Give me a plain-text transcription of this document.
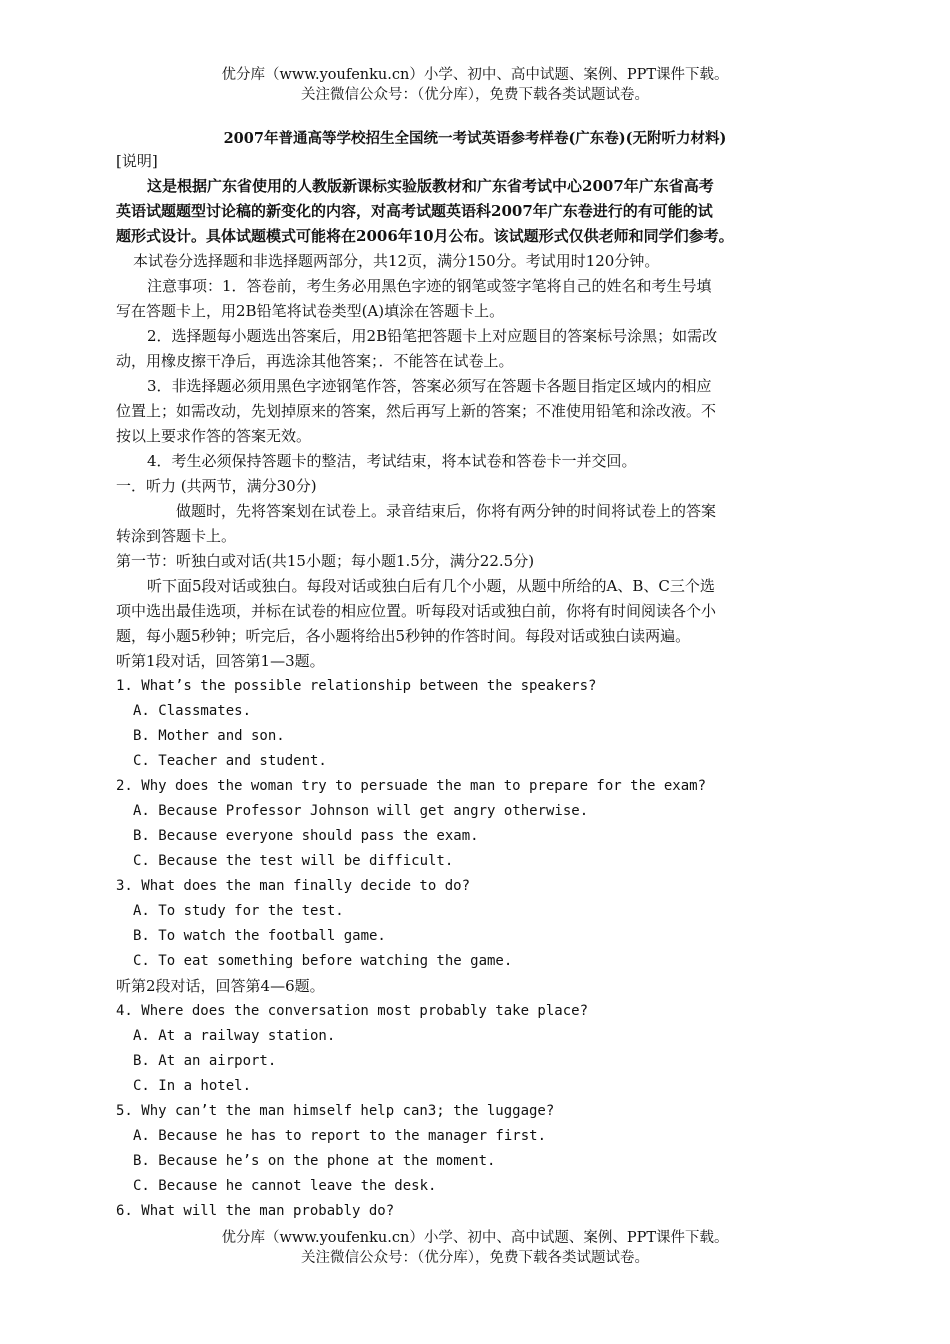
优分库（www.youfenku.cn）小学、初中、高中试题、案例、PPT课件下载。
关注微信公众号：（优分库），免费下载各类试题试卷。
2007年普通高等学校招生全国统一考试英语参考样卷(广东卷)(无附听力材料)
[说明]
这是根据广东省使用的人教版新课标实验版教材和广东省考试中心2007年广东省高考
英语试题题型讨论稿的新变化的内容，对高考试题英语科2007年广东卷进行的有可能的试
题形式设计。具体试题模式可能将在2006年10月公布。该试题形式仅供老师和同学们参考。
本试卷分选择题和非选择题两部分，共12页，满分150分。考试用时120分钟。
注意事项：1．答卷前，考生务必用黑色字迹的钢笔或签字笔将自己的姓名和考生号填
写在答题卡上，用2B铅笔将试卷类型(A)填涂在答题卡上。
2．选择题每小题选出答案后，用2B铅笔把答题卡上对应题目的答案标号涂黑；如需改
动，用橡皮擦干净后，再选涂其他答案；．不能答在试卷上。
3．非选择题必须用黑色字迹钢笔作答，答案必须写在答题卡各题目指定区域内的相应
位置上；如需改动，先划掉原来的答案，然后再写上新的答案；不准使用铅笔和涂改液。不
按以上要求作答的答案无效。
4．考生必须保持答题卡的整洁，考试结束，将本试卷和答卷卡一并交回。
一．听力 (共两节，满分30分)
做题时，先将答案划在试卷上。录音结束后，你将有两分钟的时间将试卷上的答案
转涂到答题卡上。
第一节：听独白或对话(共15小题；每小题1.5分，满分22.5分)
听下面5段对话或独白。每段对话或独白后有几个小题，从题中所给的A、B、C三个选
项中选出最佳选项，并标在试卷的相应位置。听每段对话或独白前，你将有时间阅读各个小
题，每小题5秒钟；听完后，各小题将给出5秒钟的作答时间。每段对话或独白读两遍。
听第1段对话，回答第1—3题。
1. What’s the possible relationship between the speakers?
A. Classmates.
B. Mother and son.
C. Teacher and student.
2. Why does the woman try to persuade the man to prepare for the exam?
A. Because Professor Johnson will get angry otherwise.
B. Because everyone should pass the exam.
C. Because the test will be difficult.
3. What does the man finally decide to do?
A. To study for the test.
B. To watch the football game.
C. To eat something before watching the game.
听第2段对话，回答第4—6题。
4. Where does the conversation most probably take place?
A. At a railway station.
B. At an airport.
C. In a hotel.
5. Why can’t the man himself help can3; the luggage?
A. Because he has to report to the manager first.
B. Because he’s on the phone at the moment.
C. Because he cannot leave the desk.
6. What will the man probably do?
优分库（www.youfenku.cn）小学、初中、高中试题、案例、PPT课件下载。
关注微信公众号：（优分库），免费下载各类试题试卷。
